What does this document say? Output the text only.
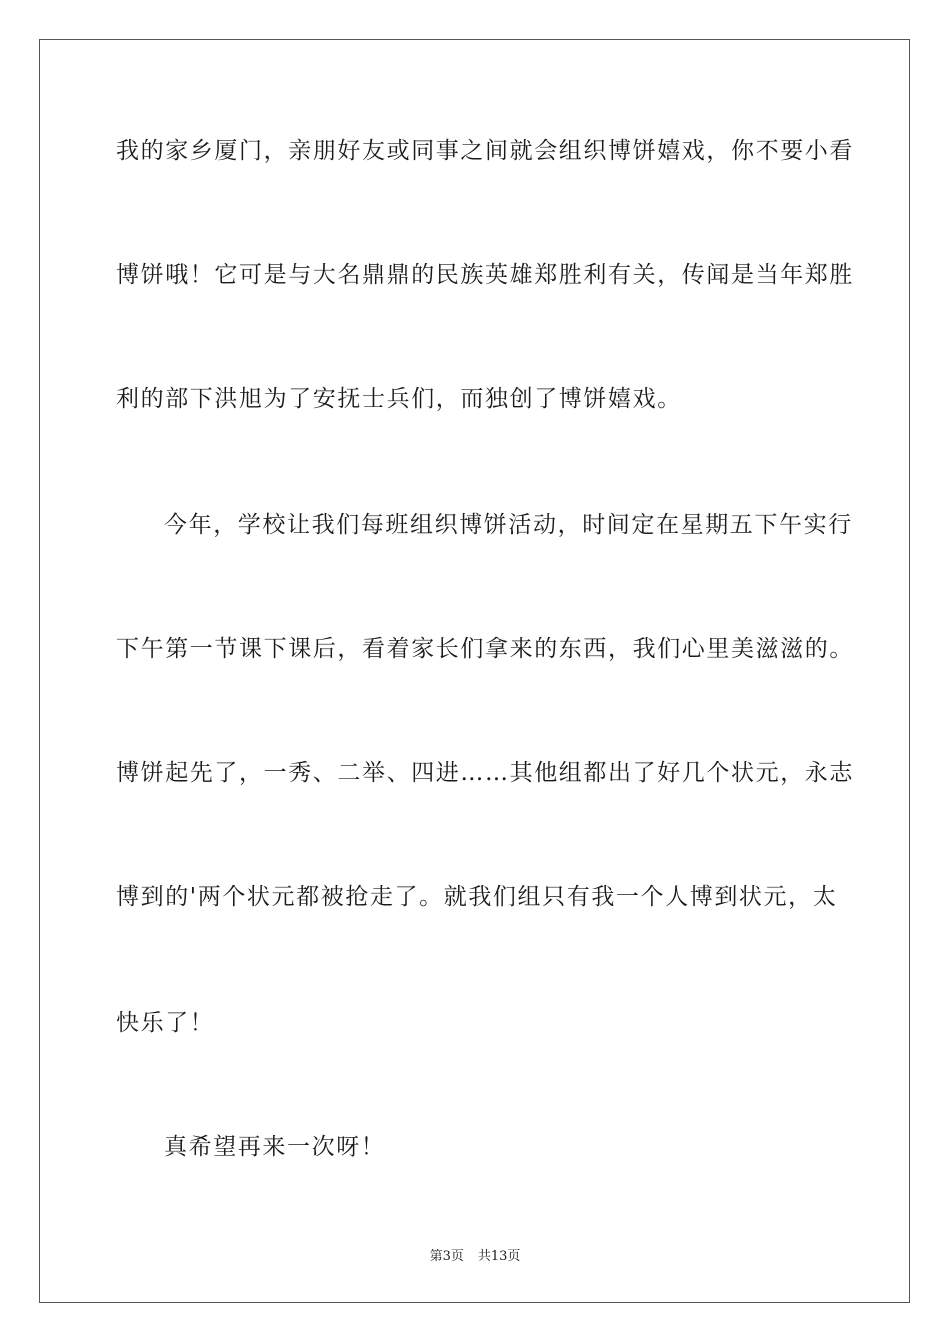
我的家乡厦门，亲朋好友或同事之间就会组织博饼嬉戏，你不要小看
博饼哦！它可是与大名鼎鼎的民族英雄郑胜利有关，传闻是当年郑胜
利的部下洪旭为了安抚士兵们，而独创了博饼嬉戏。
今年，学校让我们每班组织博饼活动，时间定在星期五下午实行
下午第一节课下课后，看着家长们拿来的东西，我们心里美滋滋的。
博饼起先了，一秀、二举、四进……其他组都出了好几个状元，永志
博到的'两个状元都被抢走了。就我们组只有我一个人博到状元，太
快乐了！
真希望再来一次呀！
第3页 共13页
